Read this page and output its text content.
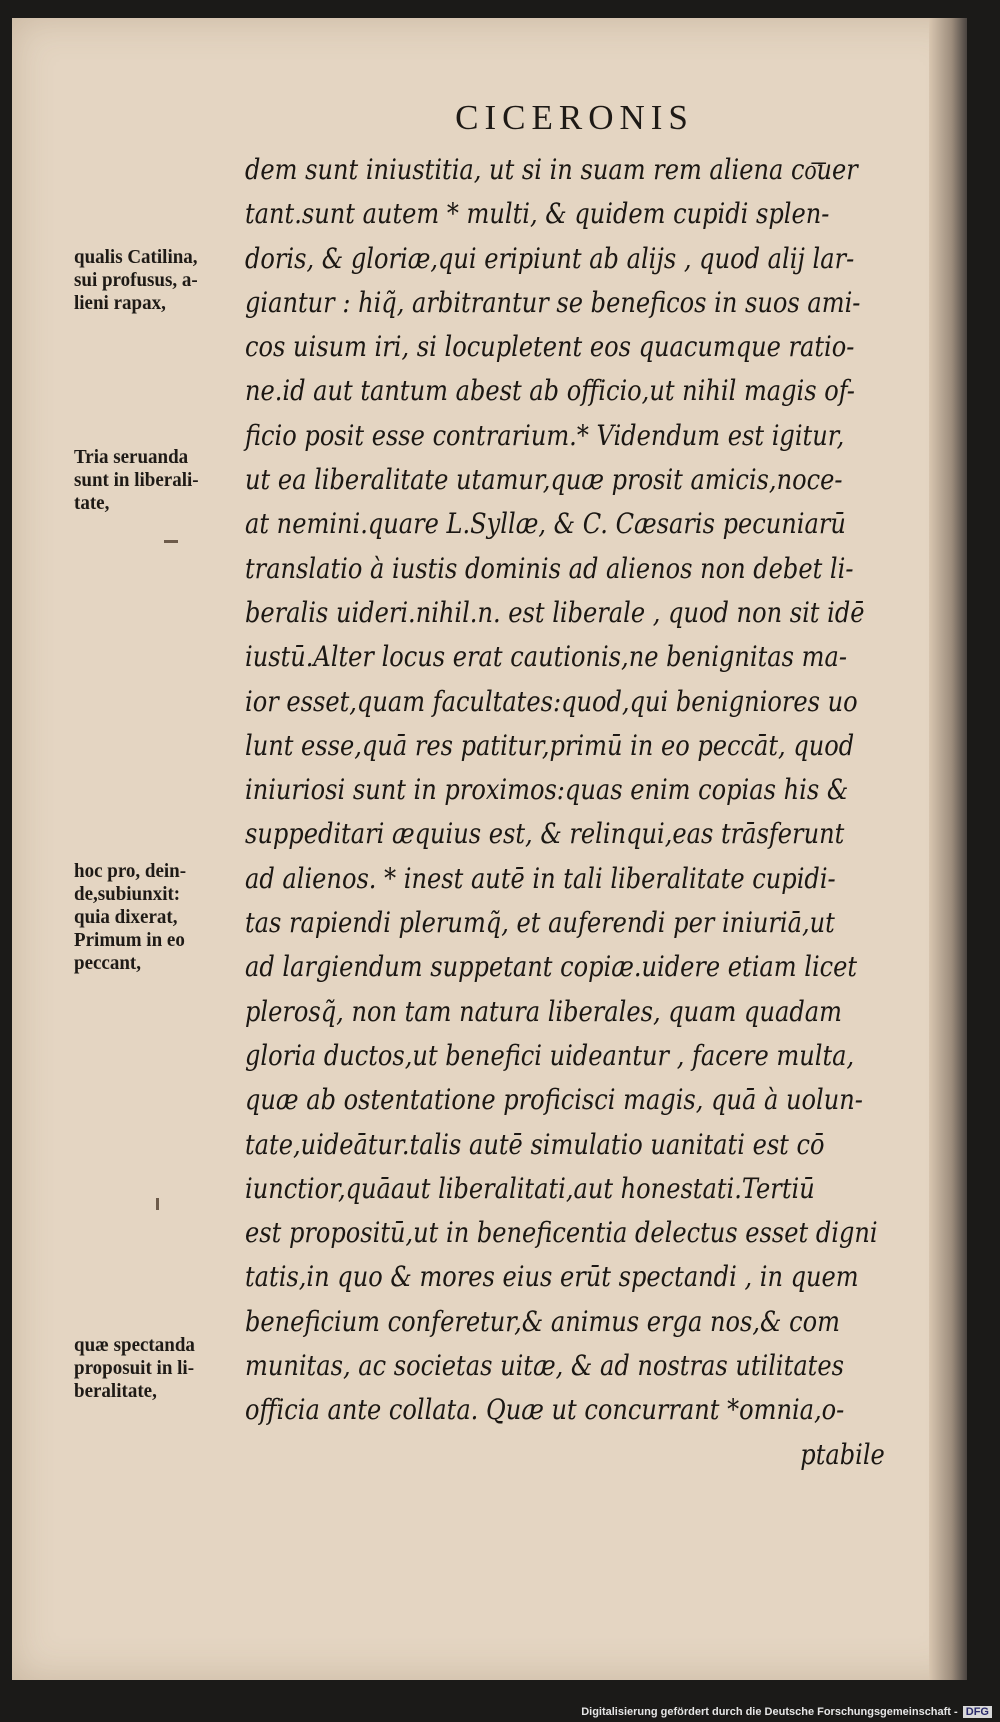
CICERONIS
qualis Catilina,
sui profusus, a-
lieni rapax,
Tria seruanda
sunt in liberali-
tate,
hoc pro, dein-
de,subiunxit:
quia dixerat,
Primum in eo
peccant,
quæ spectanda
proposuit in li-
beralitate,
dem sunt iniustitia, ut si in suam rem aliena co͞uer
tant.sunt autem * multi, & quidem cupidi splen-
doris, & gloriæ,qui eripiunt ab alijs , quod alij lar-
giantur : hiq̃, arbitrantur se beneficos in suos ami-
cos uisum iri, si locupletent eos quacumque ratio-
ne.id aut tantum abest ab officio,ut nihil magis of-
ficio posit esse contrarium.* Videndum est igitur,
ut ea liberalitate utamur,quæ prosit amicis,noce-
at nemini.quare L.Syllæ, & C. Cæsaris pecuniarū
translatio à iustis dominis ad alienos non debet li-
beralis uideri.nihil.n. est liberale , quod non sit idē
iustū.Alter locus erat cautionis,ne benignitas ma-
ior esset,quam facultates:quod,qui benigniores uo
lunt esse,quā res patitur,primū in eo peccāt, quod
iniuriosi sunt in proximos:quas enim copias his &
suppeditari æquius est, & relinqui,eas trāsferunt
ad alienos. * inest autē in tali liberalitate cupidi-
tas rapiendi plerumq̃, et auferendi per iniuriā,ut
ad largiendum suppetant copiæ.uidere etiam licet
plerosq̃, non tam natura liberales, quam quadam
gloria ductos,ut benefici uideantur , facere multa,
quæ ab ostentatione proficisci magis, quā à uolun-
tate,uideātur.talis autē simulatio uanitati est cō
iunctior,quāaut liberalitati,aut honestati.Tertiū
est propositū,ut in beneficentia delectus esset digni
tatis,in quo & mores eius erūt spectandi , in quem
beneficium conferetur,& animus erga nos,& com
munitas, ac societas uitæ, & ad nostras utilitates
officia ante collata. Quæ ut concurrant *omnia,o-
ptabile
Digitalisierung gefördert durch die Deutsche Forschungsgemeinschaft - DFG
